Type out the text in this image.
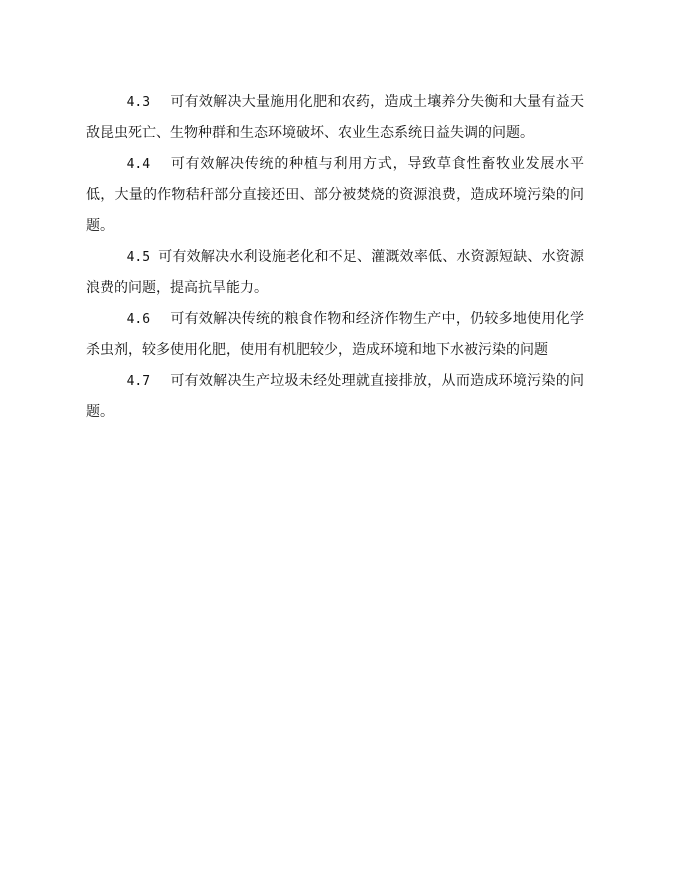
4.3 可有效解决大量施用化肥和农药，造成土壤养分失衡和大量有益天敌昆虫死亡、生物种群和生态环境破坏、农业生态系统日益失调的问题。

4.4 可有效解决传统的种植与利用方式，导致草食性畜牧业发展水平低，大量的作物秸秆部分直接还田、部分被焚烧的资源浪费，造成环境污染的问题。

4.5 可有效解决水利设施老化和不足、灌溉效率低、水资源短缺、水资源浪费的问题，提高抗旱能力。

4.6 可有效解决传统的粮食作物和经济作物生产中，仍较多地使用化学杀虫剂，较多使用化肥，使用有机肥较少，造成环境和地下水被污染的问题

4.7 可有效解决生产垃圾未经处理就直接排放，从而造成环境污染的问题。
